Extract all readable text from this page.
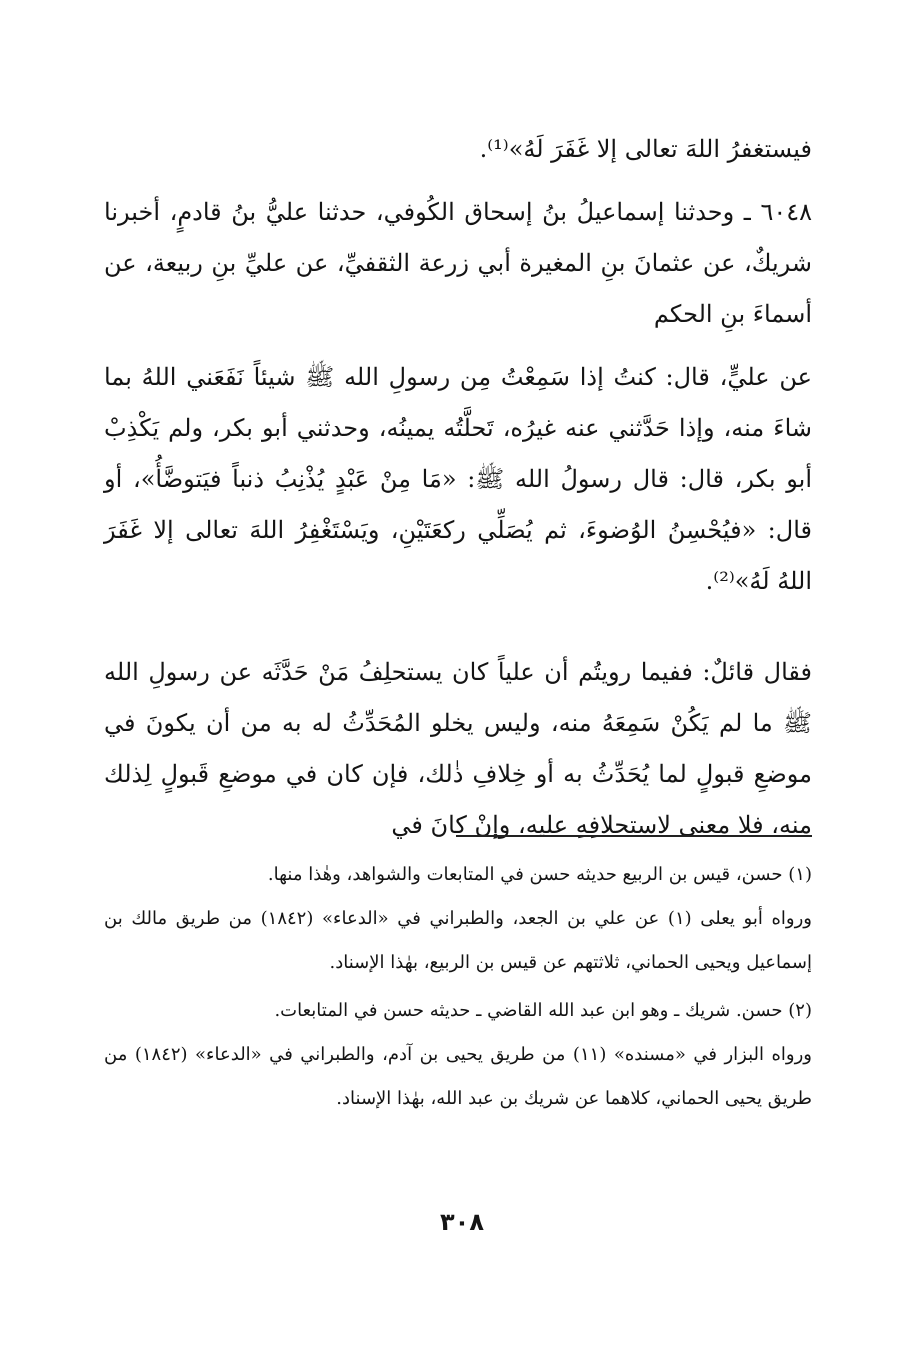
فيستغفرُ اللهَ تعالى إلا غَفَرَ لَهُ»⁽¹⁾.

٦٠٤٨ ـ وحدثنا إسماعيلُ بنُ إسحاق الكُوفي، حدثنا عليُّ بنُ قادمٍ، أخبرنا شريكٌ، عن عثمانَ بنِ المغيرة أبي زرعة الثقفيِّ، عن عليِّ بنِ ربيعة، عن أسماءَ بنِ الحكم

عن عليٍّ، قال: كنتُ إذا سَمِعْتُ مِن رسولِ الله ﷺ شيئاً نَفَعَني اللهُ بما شاءَ منه، وإذا حَدَّثني عنه غيرُه، تَحلَّتُه يمينُه، وحدثني أبو بكر، ولم يَكْذِبْ أبو بكر، قال: قال رسولُ الله ﷺ: «مَا مِنْ عَبْدٍ يُذْنِبُ ذنباً فيَتوضَّأُ»، أو قال: «فيُحْسِنُ الوُضوءَ، ثم يُصَلِّي ركعَتَيْنِ، ويَسْتَغْفِرُ اللهَ تعالى إلا غَفَرَ اللهُ لَهُ»⁽²⁾.

فقال قائلٌ: ففيما رويتُم أن علياً كان يستحلِفُ مَنْ حَدَّثَه عن رسولِ الله ﷺ ما لم يَكُنْ سَمِعَهُ منه، وليس يخلو المُحَدِّثُ له به من أن يكونَ في موضعِ قبولٍ لما يُحَدِّثُ به أو خِلافِ ذٰلك، فإن كان في موضعِ قَبولٍ لِذلك منه، فلا معنى لاستحلافِهِ عليه، وإنْ كانَ في

(١) حسن، قيس بن الربيع حديثه حسن في المتابعات والشواهد، وهٰذا منها.

ورواه أبو يعلى (١) عن علي بن الجعد، والطبراني في «الدعاء» (١٨٤٢) من طريق مالك بن إسماعيل ويحيى الحماني، ثلاثتهم عن قيس بن الربيع، بهٰذا الإسناد.

(٢) حسن. شريك ـ وهو ابن عبد الله القاضي ـ حديثه حسن في المتابعات.

ورواه البزار في «مسنده» (١١) من طريق يحيى بن آدم، والطبراني في «الدعاء» (١٨٤٢) من طريق يحيى الحماني، كلاهما عن شريك بن عبد الله، بهٰذا الإسناد.

٣٠٨
